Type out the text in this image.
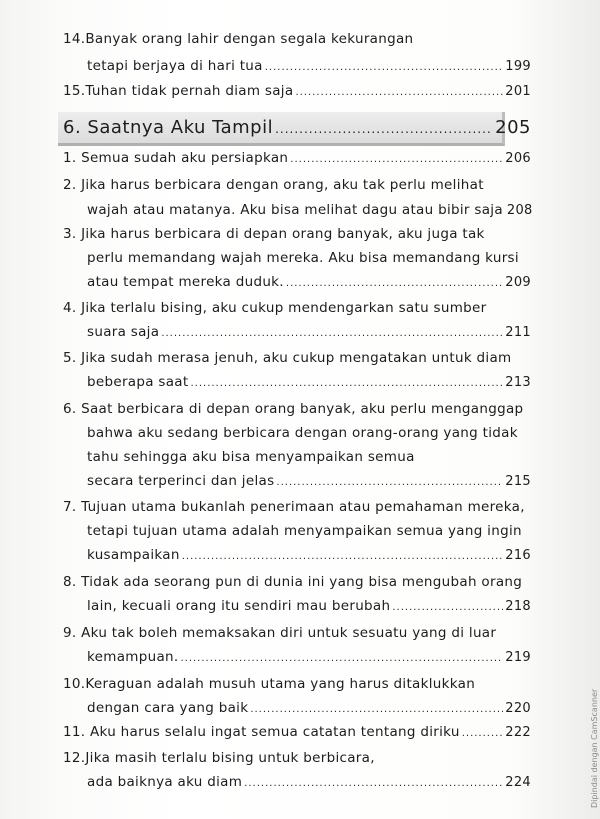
14.Banyak orang lahir dengan segala kekurangan
tetapi berjaya di hari tua .....	199
15.Tuhan tidak pernah diam saja .....	201
6. Saatnya Aku Tampil .....	205
1. Semua sudah aku persiapkan .....	206
2. Jika harus berbicara dengan orang, aku tak perlu melihat
wajah atau matanya. Aku bisa melihat dagu atau bibir saja 208
3. Jika harus berbicara di depan orang banyak, aku juga tak
perlu memandang wajah mereka. Aku bisa memandang kursi
atau tempat mereka duduk. .....	209
4. Jika terlalu bising, aku cukup mendengarkan satu sumber
suara saja .....	211
5. Jika sudah merasa jenuh, aku cukup mengatakan untuk diam
beberapa saat .....	213
6. Saat berbicara di depan orang banyak, aku perlu menganggap
bahwa aku sedang berbicara dengan orang-orang yang tidak
tahu sehingga aku bisa menyampaikan semua
secara terperinci dan jelas .....	215
7. Tujuan utama bukanlah penerimaan atau pemahaman mereka,
tetapi tujuan utama adalah menyampaikan semua yang ingin
kusampaikan .....	216
8. Tidak ada seorang pun di dunia ini yang bisa mengubah orang
lain, kecuali orang itu sendiri mau berubah .....	218
9. Aku tak boleh memaksakan diri untuk sesuatu yang di luar
kemampuan. .....	219
10.Keraguan adalah musuh utama yang harus ditaklukkan
dengan cara yang baik .....	220
11. Aku harus selalu ingat semua catatan tentang diriku .....	222
12.Jika masih terlalu bising untuk berbicara,
ada baiknya aku diam .....	224	Dipindai dengan CamScanner
